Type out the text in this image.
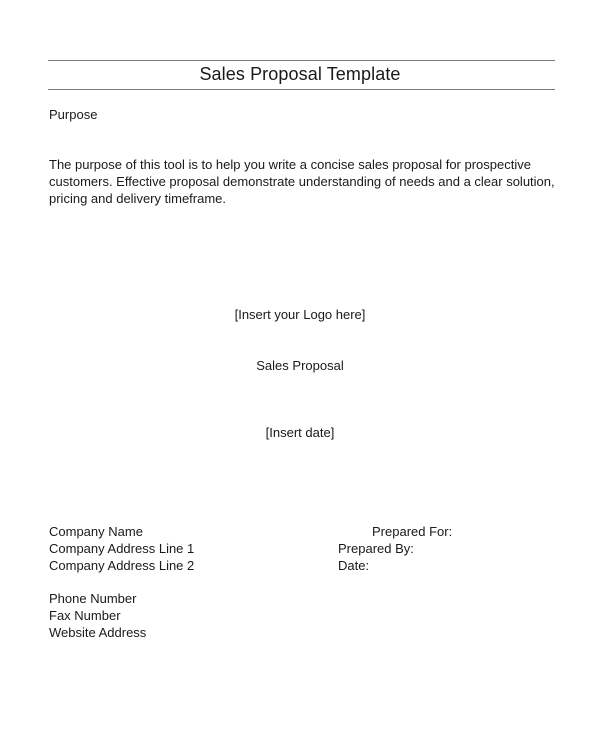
Sales Proposal Template
Purpose
The purpose of this tool is to help you write a concise sales proposal for prospective
customers. Effective proposal demonstrate understanding of needs and a clear solution,
pricing and delivery timeframe.
[Insert your Logo here]
Sales Proposal
[Insert date]
Company Name
Company Address Line 1
Company Address Line 2
Phone Number
Fax Number
Website Address
Prepared For:
Prepared By:
Date:
